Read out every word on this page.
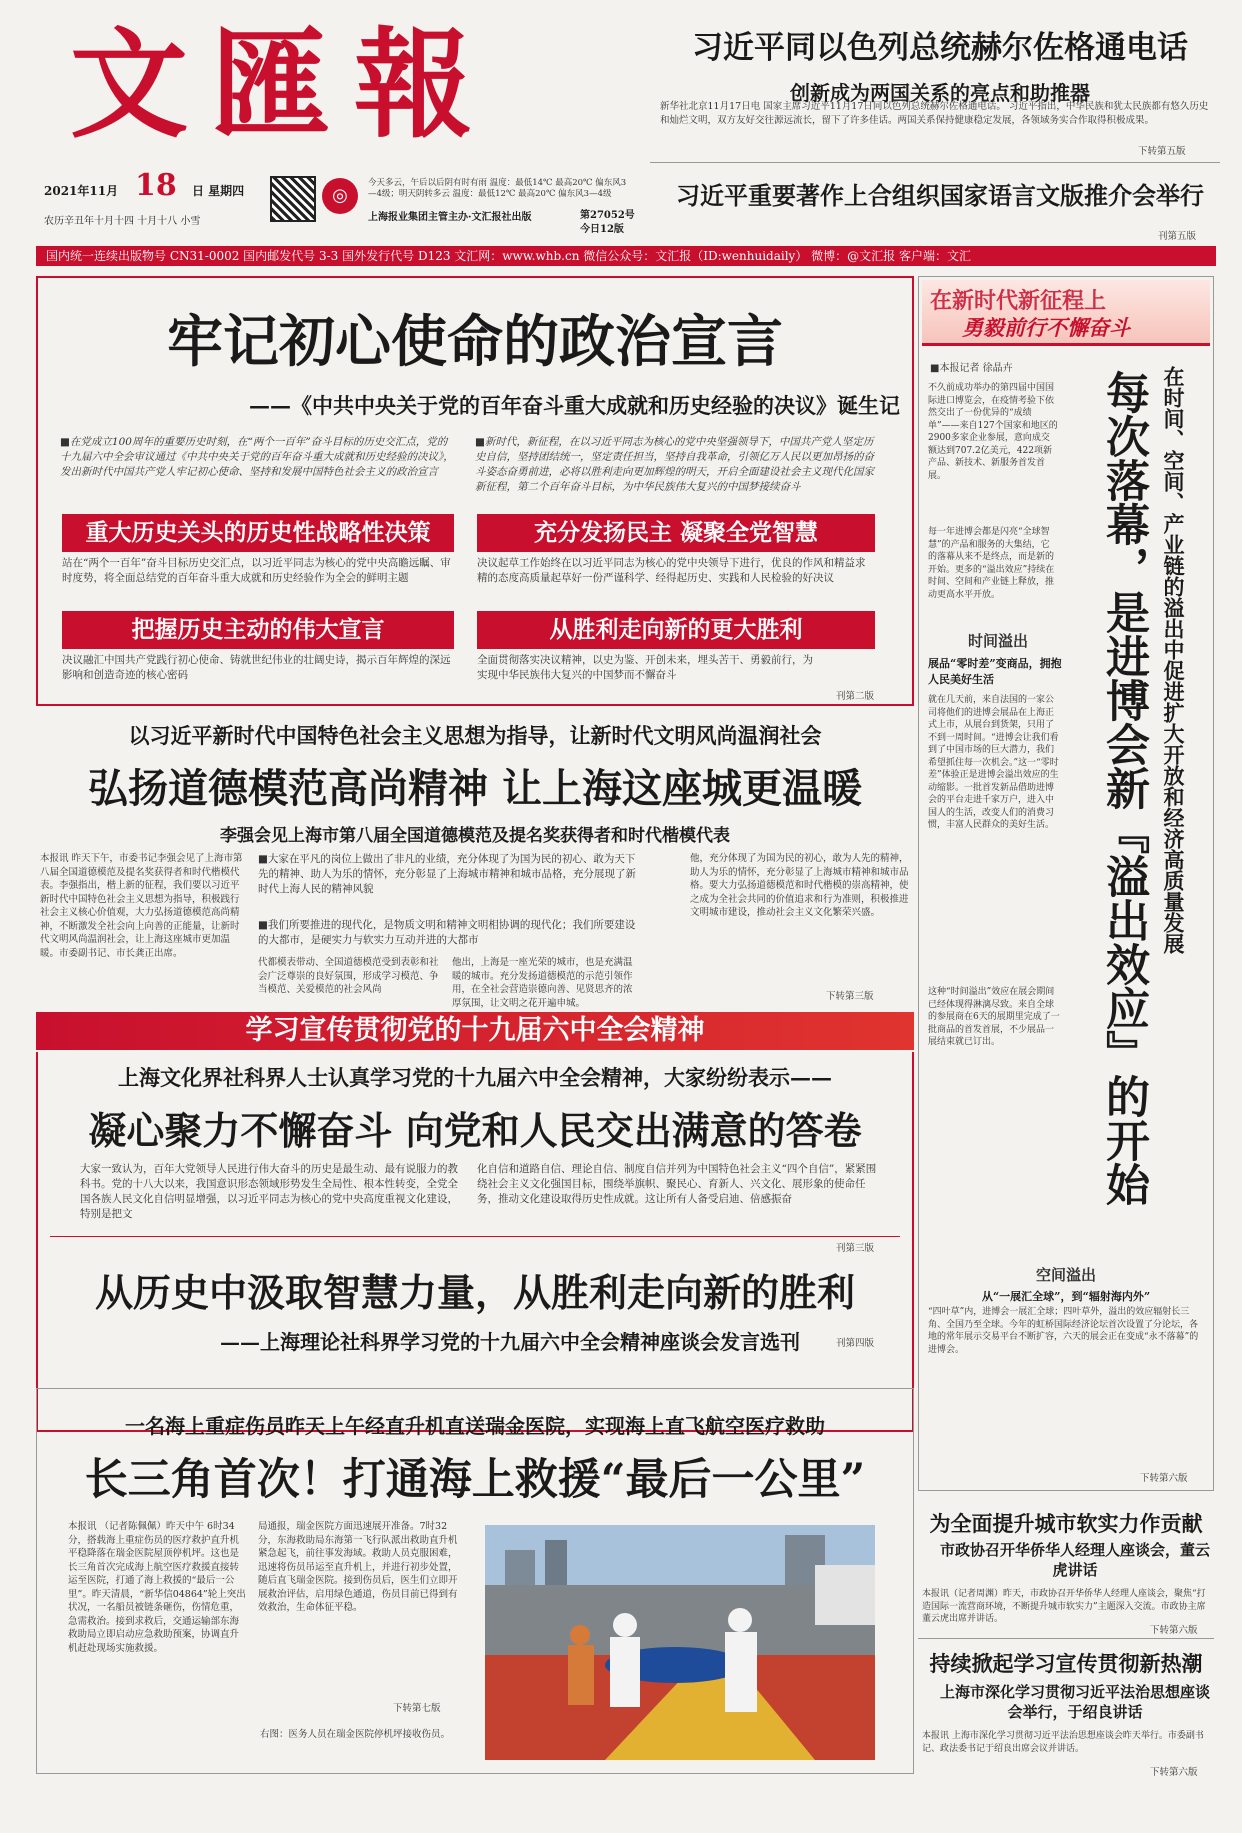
文匯報	习近平同以色列总统赫尔佐格通电话
创新成为两国关系的亮点和助推器
新华社北京11月17日电 国家主席习近平11月17日同以色列总统赫尔佐格通电话。 习近平指出，中华民族和犹太民族都有悠久历史和灿烂文明，双方友好交往源远流长，留下了许多佳话。两国关系保持健康稳定发展，各领域务实合作取得积极成果。
下转第五版
习近平重要著作上合组织国家语言文版推介会举行
刊第五版
2021年11月 18 日 星期四
农历辛丑年十月十四 十月十八 小雪
◎
今天多云，午后以后阴有时有雨 温度：最低14℃ 最高20℃ 偏东风3—4级；明天阴转多云 温度：最低12℃ 最高20℃ 偏东风3—4级
上海报业集团主管主办·文汇报社出版	第27052号
今日12版
国内统一连续出版物号 CN31-0002 国内邮发代号 3-3 国外发行代号 D123 文汇网：www.whb.cn 微信公众号：文汇报（ID:wenhuidaily） 微博：@文汇报 客户端：文汇
牢记初心使命的政治宣言
——《中共中央关于党的百年奋斗重大成就和历史经验的决议》诞生记
■在党成立100周年的重要历史时刻，在“两个一百年”奋斗目标的历史交汇点，党的十九届六中全会审议通过《中共中央关于党的百年奋斗重大成就和历史经验的决议》，发出新时代中国共产党人牢记初心使命、坚持和发展中国特色社会主义的政治宣言
■新时代，新征程，在以习近平同志为核心的党中央坚强领导下，中国共产党人坚定历史自信，坚持团结统一，坚定责任担当，坚持自我革命，引领亿万人民以更加昂扬的奋斗姿态奋勇前进，必将以胜利走向更加辉煌的明天，开启全面建设社会主义现代化国家新征程，第二个百年奋斗目标，为中华民族伟大复兴的中国梦接续奋斗
重大历史关头的历史性战略性决策	充分发扬民主 凝聚全党智慧
站在“两个一百年”奋斗目标历史交汇点，以习近平同志为核心的党中央高瞻远瞩、审时度势，将全面总结党的百年奋斗重大成就和历史经验作为全会的鲜明主题
决议起草工作始终在以习近平同志为核心的党中央领导下进行，优良的作风和精益求精的态度高质量起草好一份严谨科学、经得起历史、实践和人民检验的好决议
把握历史主动的伟大宣言	从胜利走向新的更大胜利
决议融汇中国共产党践行初心使命、铸就世纪伟业的壮阔史诗，揭示百年辉煌的深远影响和创造奇迹的核心密码
全面贯彻落实决议精神，以史为鉴、开创未来，埋头苦干、勇毅前行，为实现中华民族伟大复兴的中国梦而不懈奋斗
刊第二版
以习近平新时代中国特色社会主义思想为指导，让新时代文明风尚温润社会
弘扬道德模范高尚精神 让上海这座城更温暖
李强会见上海市第八届全国道德模范及提名奖获得者和时代楷模代表
本报讯 昨天下午，市委书记李强会见了上海市第八届全国道德模范及提名奖获得者和时代楷模代表。李强指出，楷上新的征程，我们要以习近平新时代中国特色社会主义思想为指导，积极践行社会主义核心价值观，大力弘扬道德模范高尚精神，不断激发全社会向上向善的正能量，让新时代文明风尚温润社会，让上海这座城市更加温暖。市委副书记、市长龚正出席。
■大家在平凡的岗位上做出了非凡的业绩，充分体现了为国为民的初心、敢为天下先的精神、助人为乐的情怀，充分彰显了上海城市精神和城市品格，充分展现了新时代上海人民的精神风貌
■我们所要推进的现代化，是物质文明和精神文明相协调的现代化；我们所要建设的大都市，是硬实力与软实力互动并进的大都市
代都模表带动、全国道德模范受到表彰和社会广泛尊崇的良好氛围，形成学习模范、争当模范、关爱模范的社会风尚
他出，上海是一座光荣的城市，也是充满温暖的城市。充分发扬道德模范的示范引领作用，在全社会营造崇德向善、见贤思齐的浓厚氛围，让文明之花开遍申城。
他，充分体现了为国为民的初心，敢为人先的精神，助人为乐的情怀，充分彰显了上海城市精神和城市品格。要大力弘扬道德模范和时代楷模的崇高精神，使之成为全社会共同的价值追求和行为准则，积极推进文明城市建设，推动社会主义文化繁荣兴盛。
下转第三版
学习宣传贯彻党的十九届六中全会精神
上海文化界社科界人士认真学习党的十九届六中全会精神，大家纷纷表示——
凝心聚力不懈奋斗 向党和人民交出满意的答卷
大家一致认为，百年大党领导人民进行伟大奋斗的历史是最生动、最有说服力的教科书。党的十八大以来，我国意识形态领域形势发生全局性、根本性转变，全党全国各族人民文化自信明显增强，以习近平同志为核心的党中央高度重视文化建设，特别是把文
化自信和道路自信、理论自信、制度自信并列为中国特色社会主义“四个自信”，紧紧围绕社会主义文化强国目标，围绕举旗帜、聚民心、育新人、兴文化、展形象的使命任务，推动文化建设取得历史性成就。这让所有人备受启迪、倍感振奋
刊第三版
从历史中汲取智慧力量，从胜利走向新的胜利
——上海理论社科界学习党的十九届六中全会精神座谈会发言选刊	刊第四版
一名海上重症伤员昨天上午经直升机直送瑞金医院，实现海上直飞航空医疗救助
长三角首次！打通海上救援“最后一公里”
本报讯 （记者陈佩佩）昨天中午 6时34分，搭载海上重症伤员的医疗救护直升机平稳降落在瑞金医院屋顶停机坪。这也是长三角首次完成海上航空医疗救援直接转运至医院，打通了海上救援的“最后一公里”。昨天清晨，“新华信04864”轮上突出状况，一名船员被链条砸伤，伤情危重，急需救治。接到求救后，交通运输部东海救助局立即启动应急救助预案，协调直升机赶赴现场实施救援。
局通报，瑞金医院方面迅速展开准备。7时32分，东海救助局东海第一飞行队派出救助直升机紧急起飞，前往事发海域。救助人员克服困难，迅速将伤员吊运至直升机上，并进行初步处置，随后直飞瑞金医院。接到伤员后，医生们立即开展救治评估，启用绿色通道，伤员目前已得到有效救治，生命体征平稳。
右图：医务人员在瑞金医院停机坪接收伤员。
下转第七版
在新时代新征程上
勇毅前行不懈奋斗
■本报记者 徐晶卉
不久前成功举办的第四届中国国际进口博览会，在疫情考验下依然交出了一份优异的“成绩单”——来自127个国家和地区的2900多家企业参展，意向成交额达到707.2亿美元，422项新产品、新技术、新服务首发首展。
每一年进博会都是闪亮“全球智慧”的产品和服务的大集结，它的落幕从来不是终点，而是新的开始。更多的“溢出效应”持续在时间、空间和产业链上释放，推动更高水平开放。	在时间、空间、产业链的溢出中促进扩大开放和经济高质量发展
每次落幕，是进博会新『溢出效应』的开始
时间溢出
展品“零时差”变商品，拥抱人民美好生活
就在几天前，来自法国的一家公司将他们的进博会展品在上海正式上市，从展台到货架，只用了不到一周时间。“进博会让我们看到了中国市场的巨大潜力，我们希望抓住每一次机会。”这一“零时差”体验正是进博会溢出效应的生动缩影。一批首发新品借助进博会的平台走进千家万户，进入中国人的生活，改变人们的消费习惯，丰富人民群众的美好生活。
这种“时间溢出”效应在展会期间已经体现得淋漓尽致。来自全球的参展商在6天的展期里完成了一批商品的首发首展，不少展品一展结束就已订出。
空间溢出
从“一展汇全球”，到“辐射海内外”
“四叶草”内，进博会一展汇全球；四叶草外，溢出的效应辐射长三角、全国乃至全球。今年的虹桥国际经济论坛首次设置了分论坛，各地的常年展示交易平台不断扩容，六天的展会正在变成“永不落幕”的进博会。
下转第六版
为全面提升城市软实力作贡献
市政协召开华侨华人经理人座谈会，董云虎讲话
本报讯（记者周渊）昨天，市政协召开华侨华人经理人座谈会，聚焦“打造国际一流营商环境，不断提升城市软实力”主题深入交流。市政协主席董云虎出席并讲话。
下转第六版
持续掀起学习宣传贯彻新热潮
上海市深化学习贯彻习近平法治思想座谈会举行，于绍良讲话
本报讯 上海市深化学习贯彻习近平法治思想座谈会昨天举行。市委副书记、政法委书记于绍良出席会议并讲话。
下转第六版
